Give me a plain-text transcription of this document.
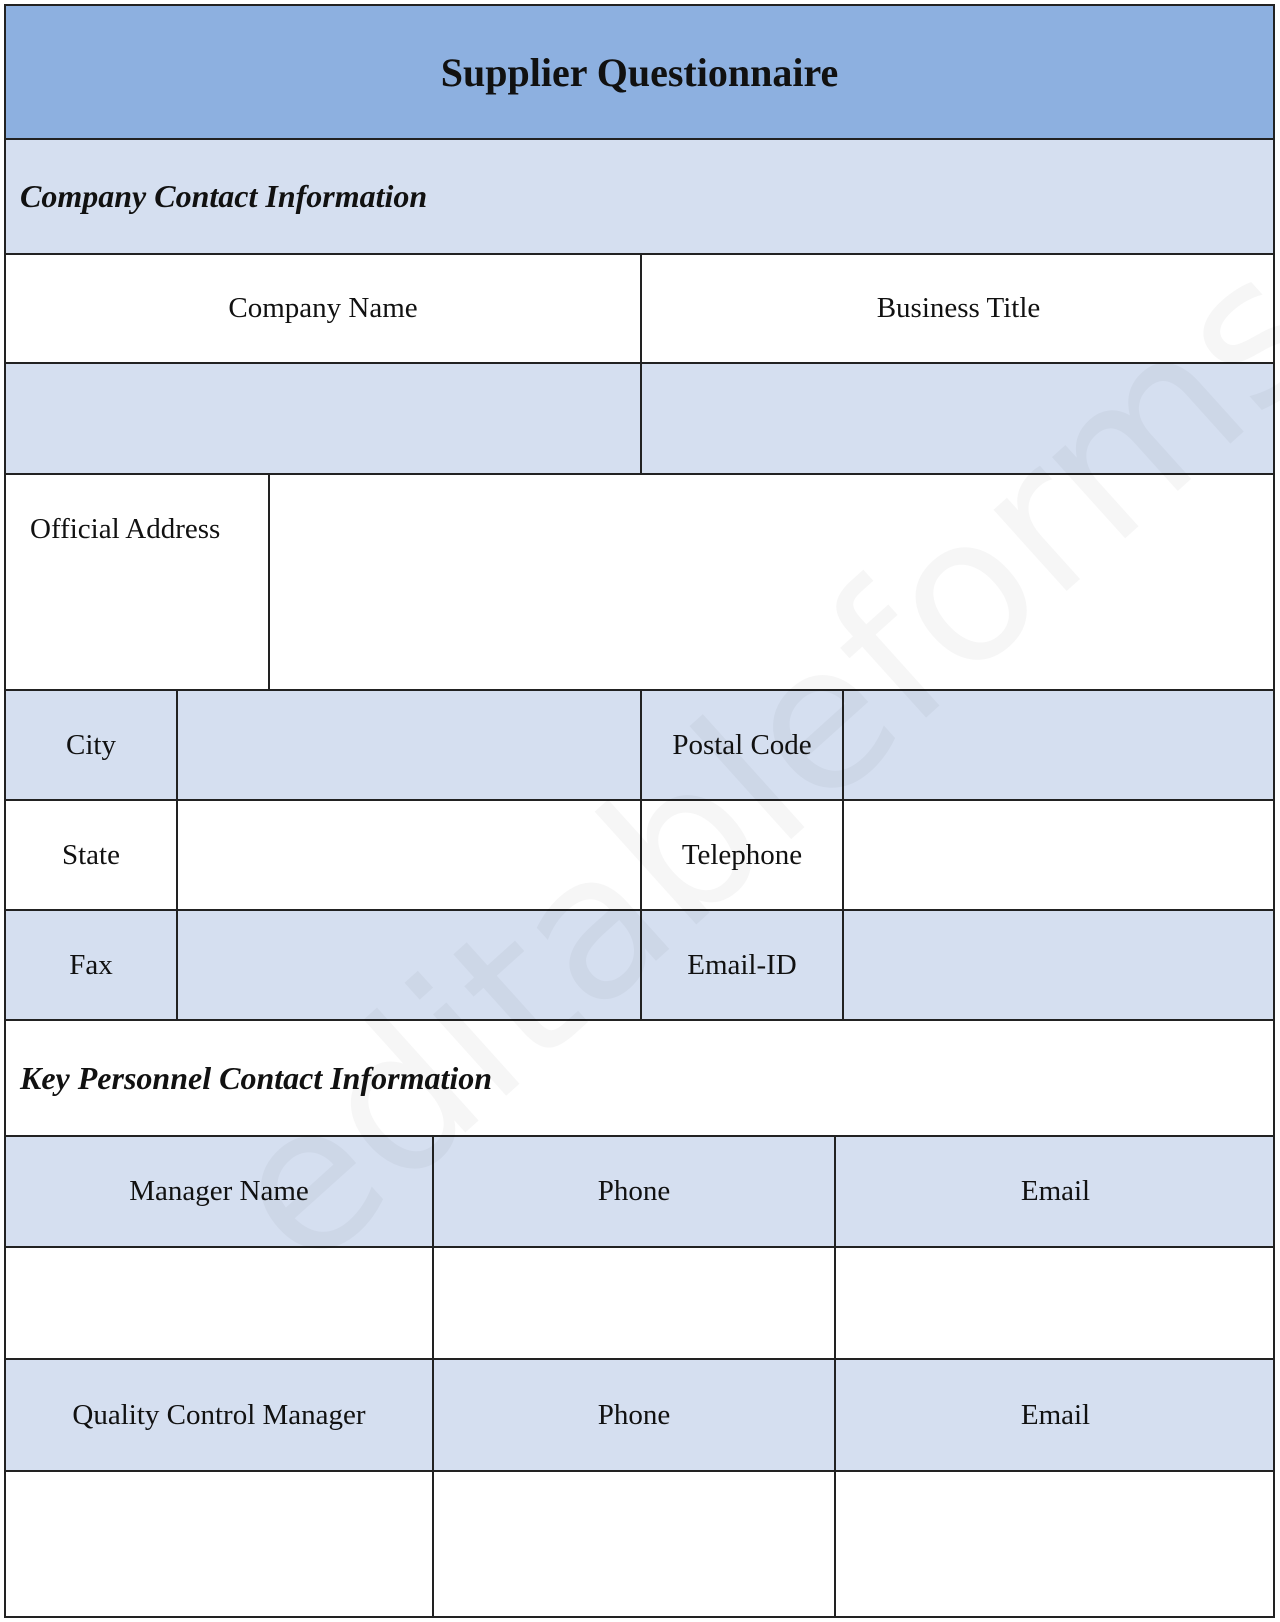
Supplier Questionnaire
Company Contact Information
Company Name	Business Title
Official Address
City	Postal Code
State	Telephone
Fax	Email-ID
Key Personnel Contact Information
Manager Name	Phone	Email
Quality Control Manager	Phone	Email
